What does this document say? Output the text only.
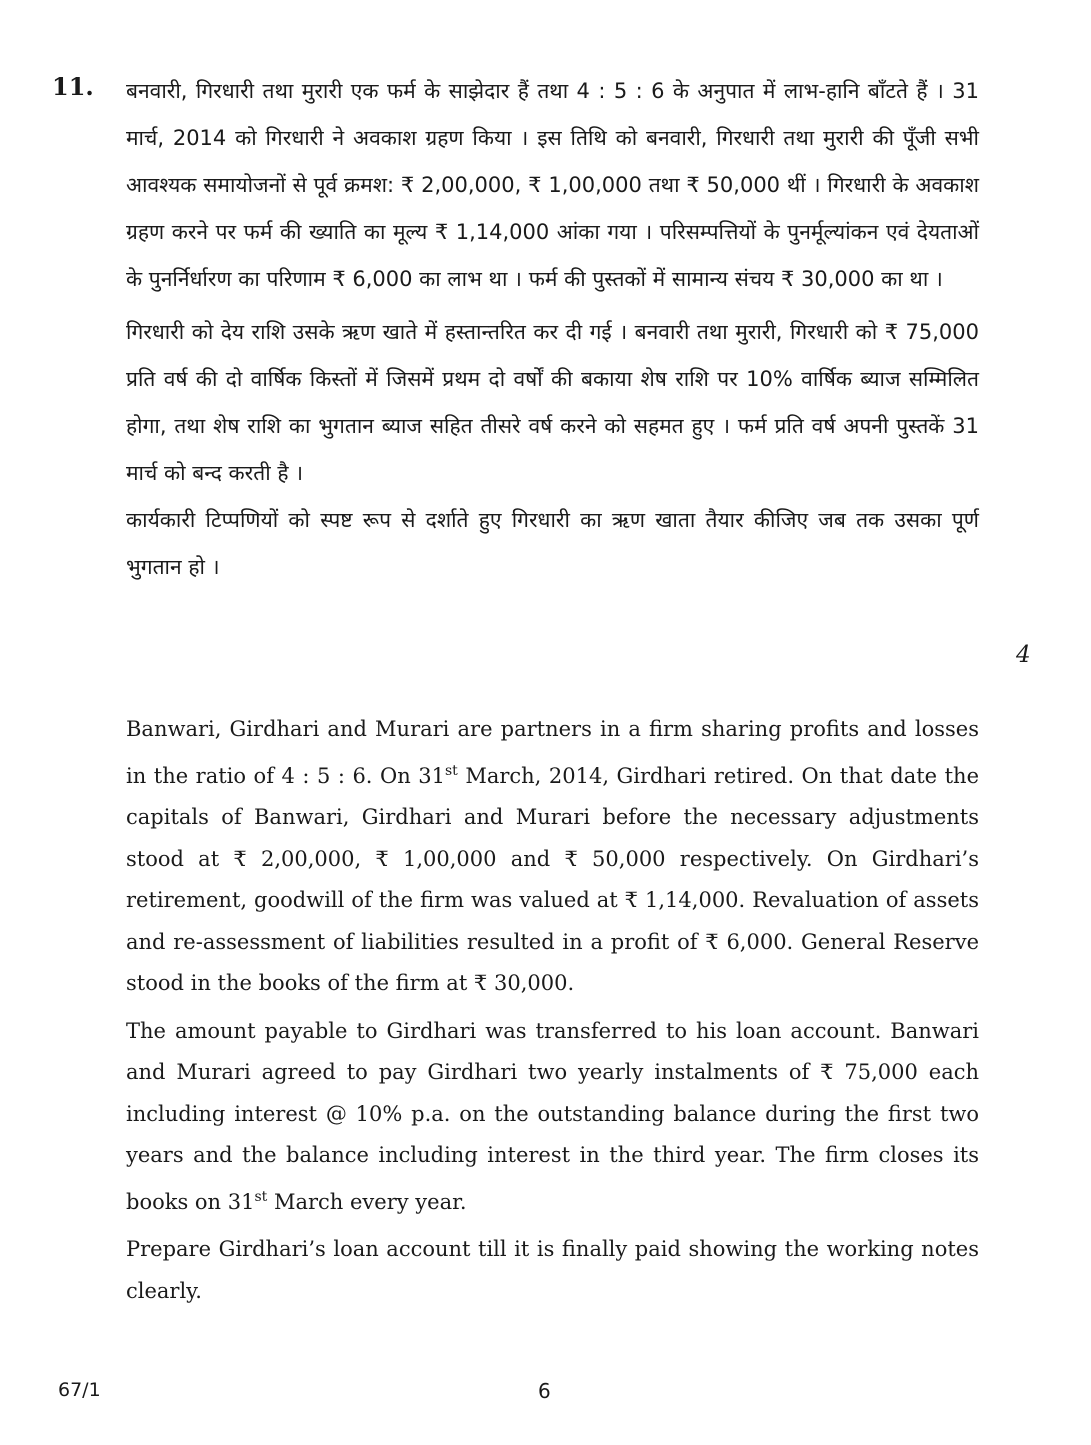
11. बनवारी, गिरधारी तथा मुरारी एक फर्म के साझेदार हैं तथा 4 : 5 : 6 के अनुपात में लाभ-हानि बाँटते हैं । 31 मार्च, 2014 को गिरधारी ने अवकाश ग्रहण किया । इस तिथि को बनवारी, गिरधारी तथा मुरारी की पूँजी सभी आवश्यक समायोजनों से पूर्व क्रमश: ₹ 2,00,000, ₹ 1,00,000 तथा ₹ 50,000 थीं । गिरधारी के अवकाश ग्रहण करने पर फर्म की ख्याति का मूल्य ₹ 1,14,000 आंका गया । परिसम्पत्तियों के पुनर्मूल्यांकन एवं देयताओं के पुनर्निर्धारण का परिणाम ₹ 6,000 का लाभ था । फर्म की पुस्तकों में सामान्य संचय ₹ 30,000 का था ।

गिरधारी को देय राशि उसके ऋण खाते में हस्तान्तरित कर दी गई । बनवारी तथा मुरारी, गिरधारी को ₹ 75,000 प्रति वर्ष की दो वार्षिक किस्तों में जिसमें प्रथम दो वर्षों की बकाया शेष राशि पर 10% वार्षिक ब्याज सम्मिलित होगा, तथा शेष राशि का भुगतान ब्याज सहित तीसरे वर्ष करने को सहमत हुए । फर्म प्रति वर्ष अपनी पुस्तकें 31 मार्च को बन्द करती है ।

कार्यकारी टिप्पणियों को स्पष्ट रूप से दर्शाते हुए गिरधारी का ऋण खाता तैयार कीजिए जब तक उसका पूर्ण भुगतान हो ।

4

Banwari, Girdhari and Murari are partners in a firm sharing profits and losses in the ratio of 4 : 5 : 6. On 31st March, 2014, Girdhari retired. On that date the capitals of Banwari, Girdhari and Murari before the necessary adjustments stood at ₹ 2,00,000, ₹ 1,00,000 and ₹ 50,000 respectively. On Girdhari’s retirement, goodwill of the firm was valued at ₹ 1,14,000. Revaluation of assets and re-assessment of liabilities resulted in a profit of ₹ 6,000. General Reserve stood in the books of the firm at ₹ 30,000.

The amount payable to Girdhari was transferred to his loan account. Banwari and Murari agreed to pay Girdhari two yearly instalments of ₹ 75,000 each including interest @ 10% p.a. on the outstanding balance during the first two years and the balance including interest in the third year. The firm closes its books on 31st March every year.

Prepare Girdhari’s loan account till it is finally paid showing the working notes clearly.

67/1	6
